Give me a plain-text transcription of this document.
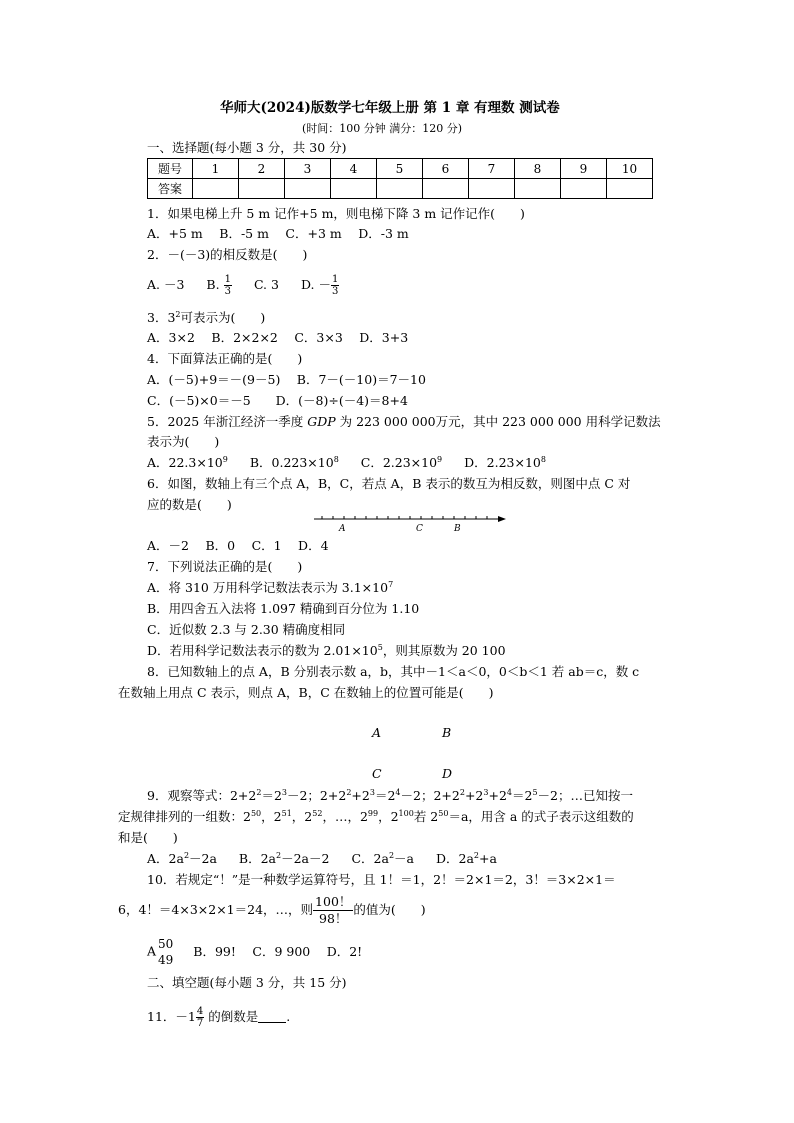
华师大(2024)版数学七年级上册 第 1 章 有理数 测试卷
(时间：100 分钟 满分：120 分)
一、选择题(每小题 3 分，共 30 分)
题号	1	2	3	4	5	6	7	8	9	10
答案										
1．如果电梯上升 5 m 记作+5 m，则电梯下降 3 m 记作记作(　　)
A．+5 m　 B．-5 m　 C．+3 m　 D．-3 m
2．－(－3)的相反数是(　　)
A. －3 B. $\frac{1}{3} C$. 3 D. － $\frac{1}{3}$
3．$3^2$可表示为(　　)
A．3×2　 B．2×2×2　 C．3×3　 D．3+3
4．下面算法正确的是(　　)
A．(－5)+9＝－(9－5)　 B．7－(－10)＝7－10
C．(－5)×0＝－5　　D．(－8)÷(－4)＝8+4
5．2025 年浙江经济一季度 GDP 为 223 000 000万元，其中 223 000 000 用科学记数法
表示为(　　)
A．$22.3\times 10^9$ B．$0.223\times 10^8$ C．$2.23\times 10^9$ D．$2.23\times 10^8$
6．如图，数轴上有三个点 A，B，C，若点 A，B 表示的数互为相反数，则图中点 C 对
应的数是(　　)
A	C	B
A．－2　 B．0　 C．1　 D．4
7．下列说法正确的是(　　)
A．将 310 万用科学记数法表示为 $3.1\times 10^7$
B．用四舍五入法将 1.097 精确到百分位为 1.10
C．近似数 2.3 与 2.30 精确度相同
D．若用科学记数法表示的数为 $2.01\times 10^5$，则其原数为 20 100
8．已知数轴上的点 A，B 分别表示数 a，b，其中－1＜a＜0，0＜b＜1 若 ab＝c，数 c
在数轴上用点 C 表示，则点 A，B，C 在数轴上的位置可能是(　　)
A	B
C	D
9．观察等式：$2+2^2=2^3-2$；$2+2^2+2^3=2^4-2$；$2+2^2+2^3+2^4=2^5-2$；…已知按一
定规律排列的一组数：$2^{50}$，$2^{51}$，$2^{52}$，…，$2^{99}$，$2^{100}$若 $2^{50}=a$，用含 a 的式子表示这组数的
和是(　　)
A．$2a^2-2a$ B．$2a^2-2a-2$ C．$2a^2-a$ D．$2a^2+a$
10．若规定“！”是一种数学运算符号，且 1！＝1，2！＝2×1＝2，3！＝3×2×1＝
6，4！＝4×3×2×1＝24，…，则 $\frac{100!}{98!}$ 的值为(　　)
A 50
49
B．99!　 C．9 900　 D．2!
二、填空题(每小题 3 分，共 15 分)
11．$-1 \frac{4}{7}$ 的倒数是 .
